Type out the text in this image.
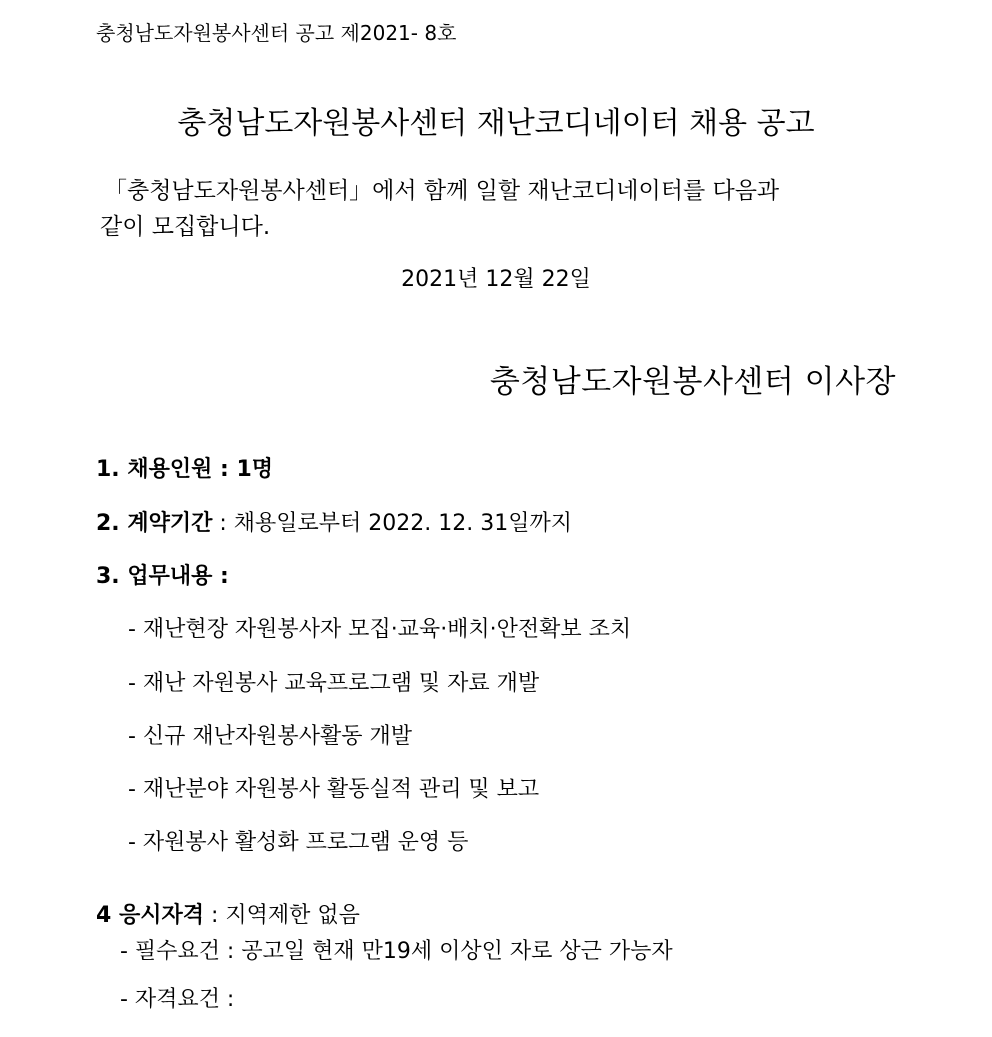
충청남도자원봉사센터 공고 제2021- 8호
충청남도자원봉사센터 재난코디네이터 채용 공고
「충청남도자원봉사센터」에서 함께 일할 재난코디네이터를 다음과
같이 모집합니다.
2021년 12월 22일
충청남도자원봉사센터 이사장
1. 채용인원 : 1명
2. 계약기간 : 채용일로부터 2022. 12. 31일까지
3. 업무내용 :
- 재난현장 자원봉사자 모집·교육·배치·안전확보 조치
- 재난 자원봉사 교육프로그램 및 자료 개발
- 신규 재난자원봉사활동 개발
- 재난분야 자원봉사 활동실적 관리 및 보고
- 자원봉사 활성화 프로그램 운영 등
4 응시자격 : 지역제한 없음
- 필수요건 : 공고일 현재 만19세 이상인 자로 상근 가능자
- 자격요건 :
